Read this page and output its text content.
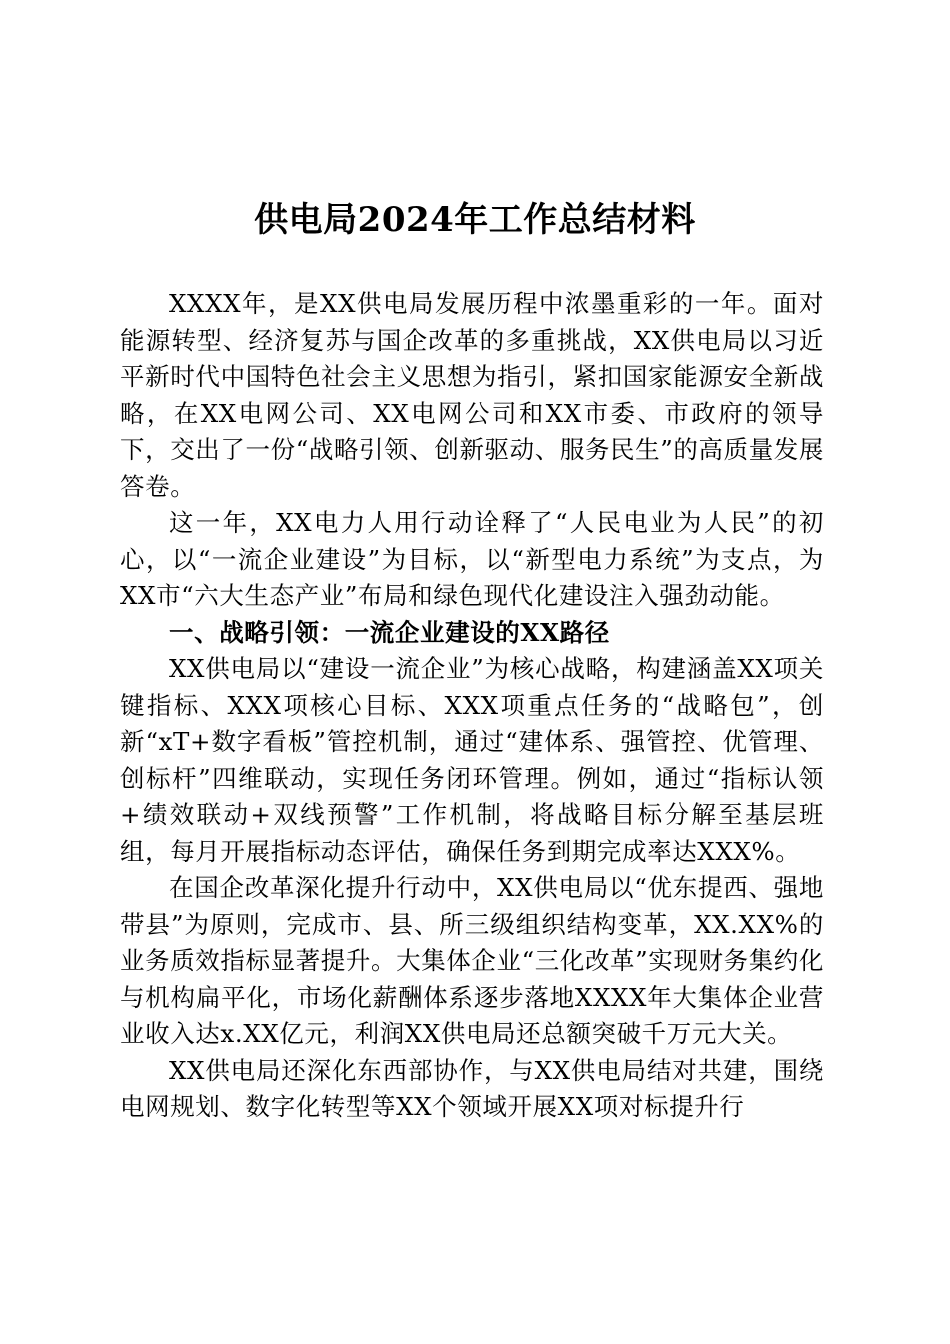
供电局2024年工作总结材料

XXXX年，是XX供电局发展历程中浓墨重彩的一年。面对能源转型、经济复苏与国企改革的多重挑战，XX供电局以习近平新时代中国特色社会主义思想为指引，紧扣国家能源安全新战略，在XX电网公司、XX电网公司和XX市委、市政府的领导下，交出了一份“战略引领、创新驱动、服务民生”的高质量发展答卷。

这一年，XX电力人用行动诠释了“人民电业为人民”的初心，以“一流企业建设”为目标，以“新型电力系统”为支点，为XX市“六大生态产业”布局和绿色现代化建设注入强劲动能。

一、战略引领：一流企业建设的XX路径

XX供电局以“建设一流企业”为核心战略，构建涵盖XX项关键指标、XXX项核心目标、XXX项重点任务的“战略包”，创新“xT+数字看板”管控机制，通过“建体系、强管控、优管理、创标杆”四维联动，实现任务闭环管理。例如，通过“指标认领+绩效联动+双线预警”工作机制，将战略目标分解至基层班组，每月开展指标动态评估，确保任务到期完成率达XXX%。

在国企改革深化提升行动中，XX供电局以“优东提西、强地带县”为原则，完成市、县、所三级组织结构变革，XX.XX%的业务质效指标显著提升。大集体企业“三化改革”实现财务集约化与机构扁平化，市场化薪酬体系逐步落地XXXX年大集体企业营业收入达x.XX亿元，利润XX供电局还总额突破千万元大关。

XX供电局还深化东西部协作，与XX供电局结对共建，围绕电网规划、数字化转型等XX个领域开展XX项对标提升行
